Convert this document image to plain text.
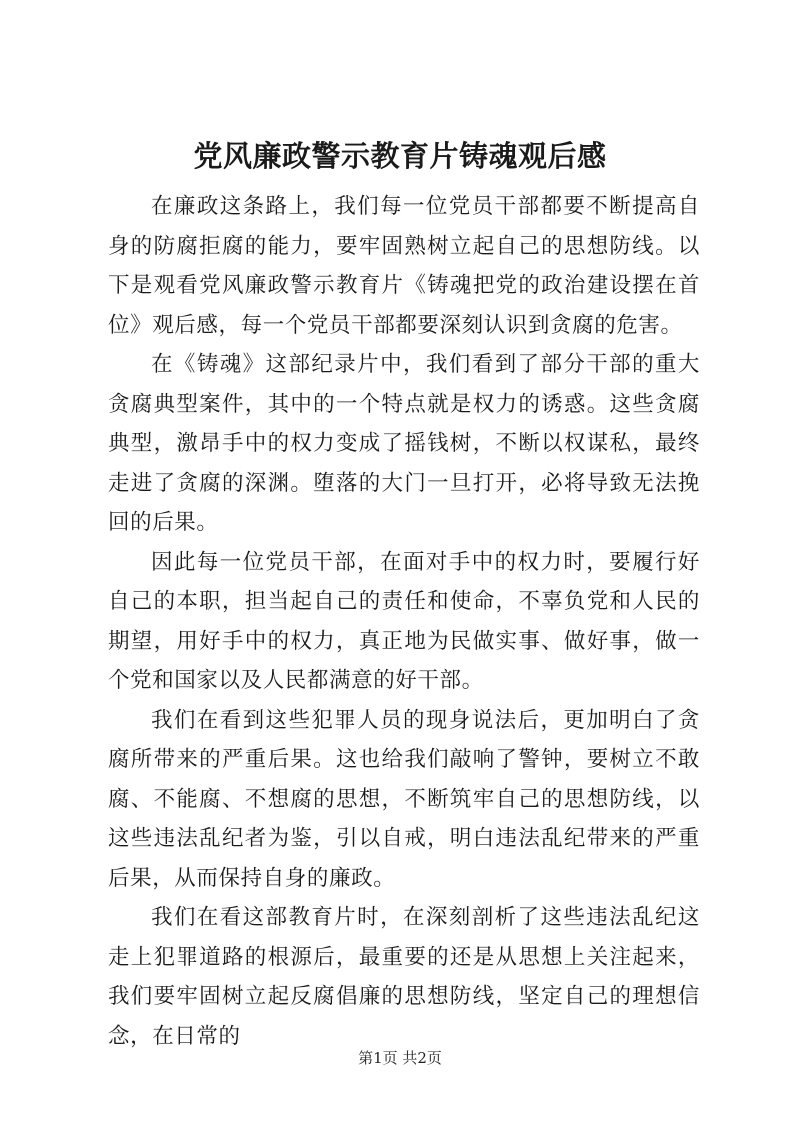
党风廉政警示教育片铸魂观后感

在廉政这条路上，我们每一位党员干部都要不断提高自身的防腐拒腐的能力，要牢固熟树立起自己的思想防线。以下是观看党风廉政警示教育片《铸魂把党的政治建设摆在首位》观后感，每一个党员干部都要深刻认识到贪腐的危害。

在《铸魂》这部纪录片中，我们看到了部分干部的重大贪腐典型案件，其中的一个特点就是权力的诱惑。这些贪腐典型，激昂手中的权力变成了摇钱树，不断以权谋私，最终走进了贪腐的深渊。堕落的大门一旦打开，必将导致无法挽回的后果。

因此每一位党员干部，在面对手中的权力时，要履行好自己的本职，担当起自己的责任和使命，不辜负党和人民的期望，用好手中的权力，真正地为民做实事、做好事，做一个党和国家以及人民都满意的好干部。

我们在看到这些犯罪人员的现身说法后，更加明白了贪腐所带来的严重后果。这也给我们敲响了警钟，要树立不敢腐、不能腐、不想腐的思想，不断筑牢自己的思想防线，以这些违法乱纪者为鉴，引以自戒，明白违法乱纪带来的严重后果，从而保持自身的廉政。

我们在看这部教育片时，在深刻剖析了这些违法乱纪这走上犯罪道路的根源后，最重要的还是从思想上关注起来，我们要牢固树立起反腐倡廉的思想防线，坚定自己的理想信念，在日常的

第1页 共2页
